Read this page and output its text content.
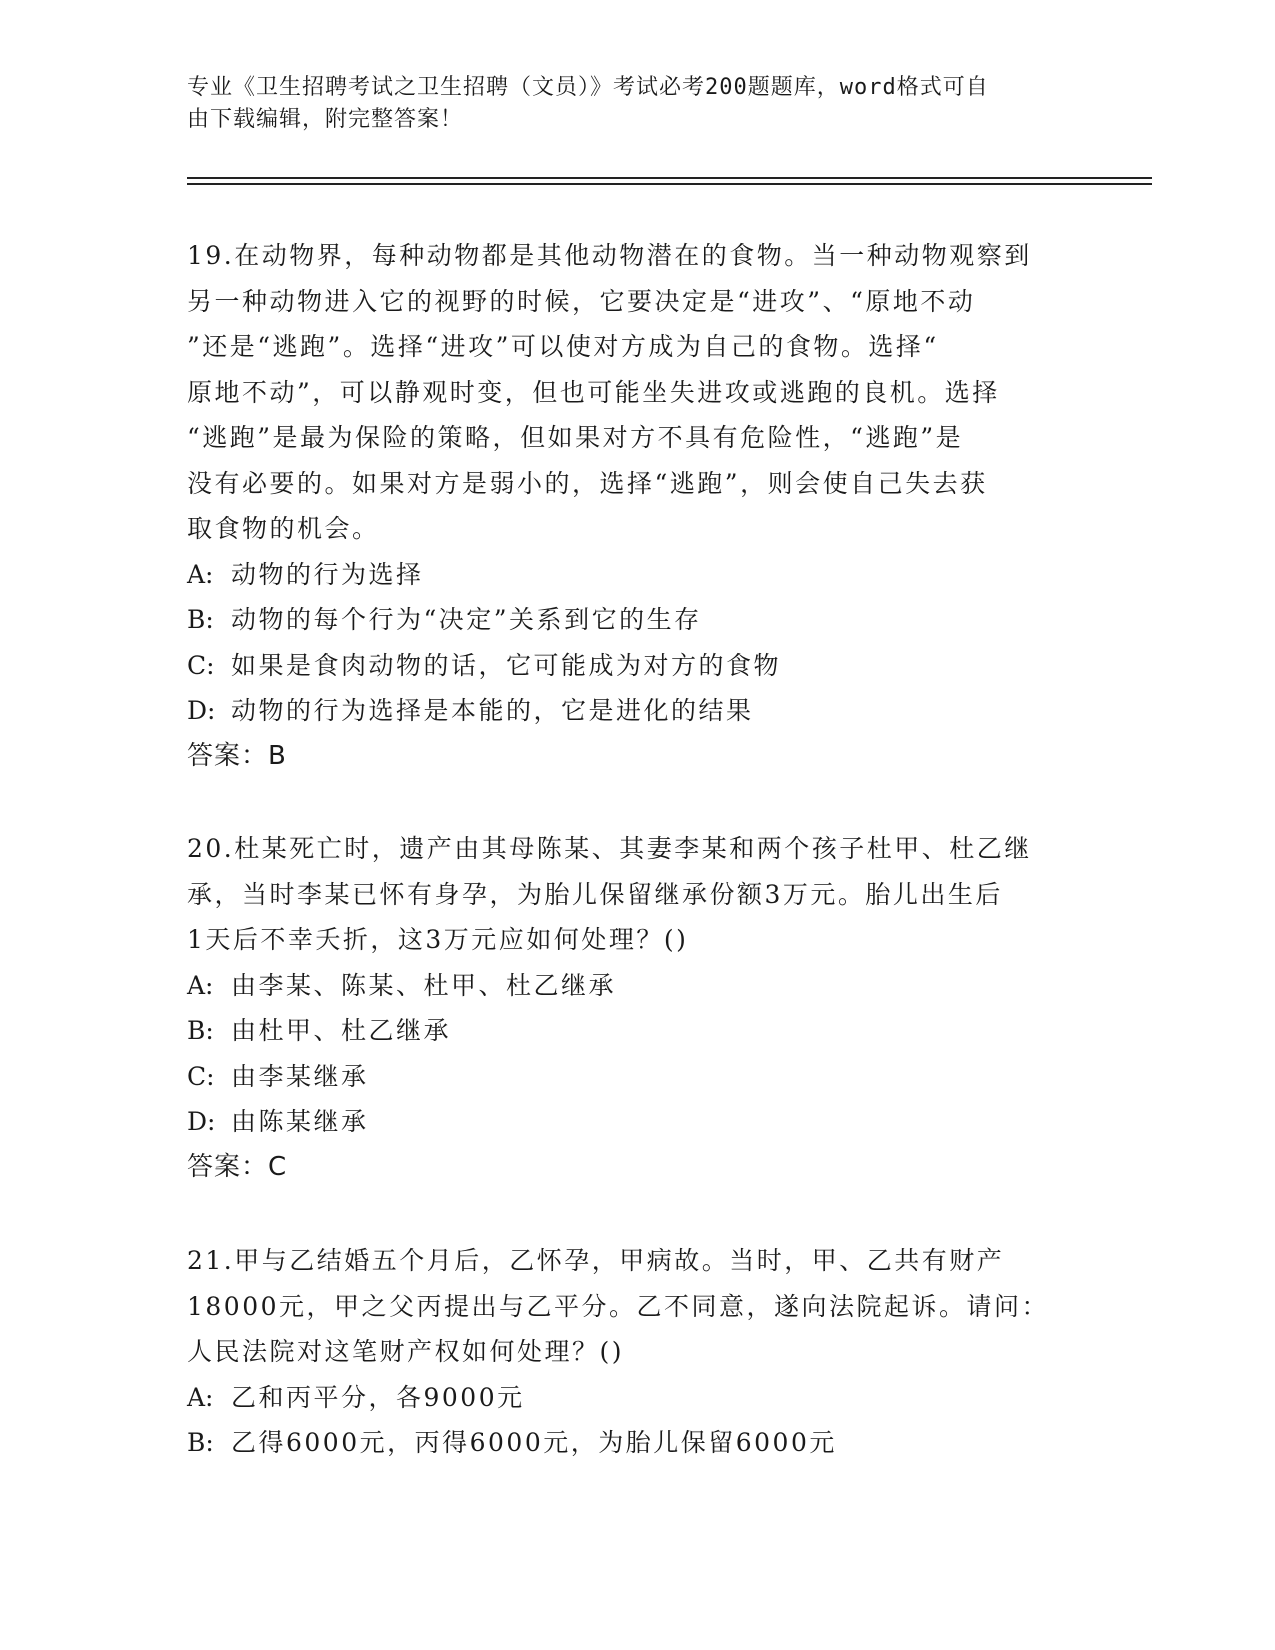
专业《卫生招聘考试之卫生招聘（文员）》考试必考200题题库，word格式可自
由下载编辑，附完整答案！

19.在动物界，每种动物都是其他动物潜在的食物。当一种动物观察到

另一种动物进入它的视野的时候，它要决定是“进攻”、“原地不动

”还是“逃跑”。选择“进攻”可以使对方成为自己的食物。选择“

原地不动”，可以静观时变，但也可能坐失进攻或逃跑的良机。选择

“逃跑”是最为保险的策略，但如果对方不具有危险性，“逃跑”是

没有必要的。如果对方是弱小的，选择“逃跑”，则会使自己失去获

取食物的机会。

A: 动物的行为选择

B: 动物的每个行为“决定”关系到它的生存

C: 如果是食肉动物的话，它可能成为对方的食物

D: 动物的行为选择是本能的，它是进化的结果

答案：B

20.杜某死亡时，遗产由其母陈某、其妻李某和两个孩子杜甲、杜乙继

承，当时李某已怀有身孕，为胎儿保留继承份额3万元。胎儿出生后

1天后不幸夭折，这3万元应如何处理？()

A: 由李某、陈某、杜甲、杜乙继承

B: 由杜甲、杜乙继承

C: 由李某继承

D: 由陈某继承

答案：C

21.甲与乙结婚五个月后，乙怀孕，甲病故。当时，甲、乙共有财产

18000元，甲之父丙提出与乙平分。乙不同意，遂向法院起诉。请问：

人民法院对这笔财产权如何处理？()

A: 乙和丙平分，各9000元

B: 乙得6000元，丙得6000元，为胎儿保留6000元
